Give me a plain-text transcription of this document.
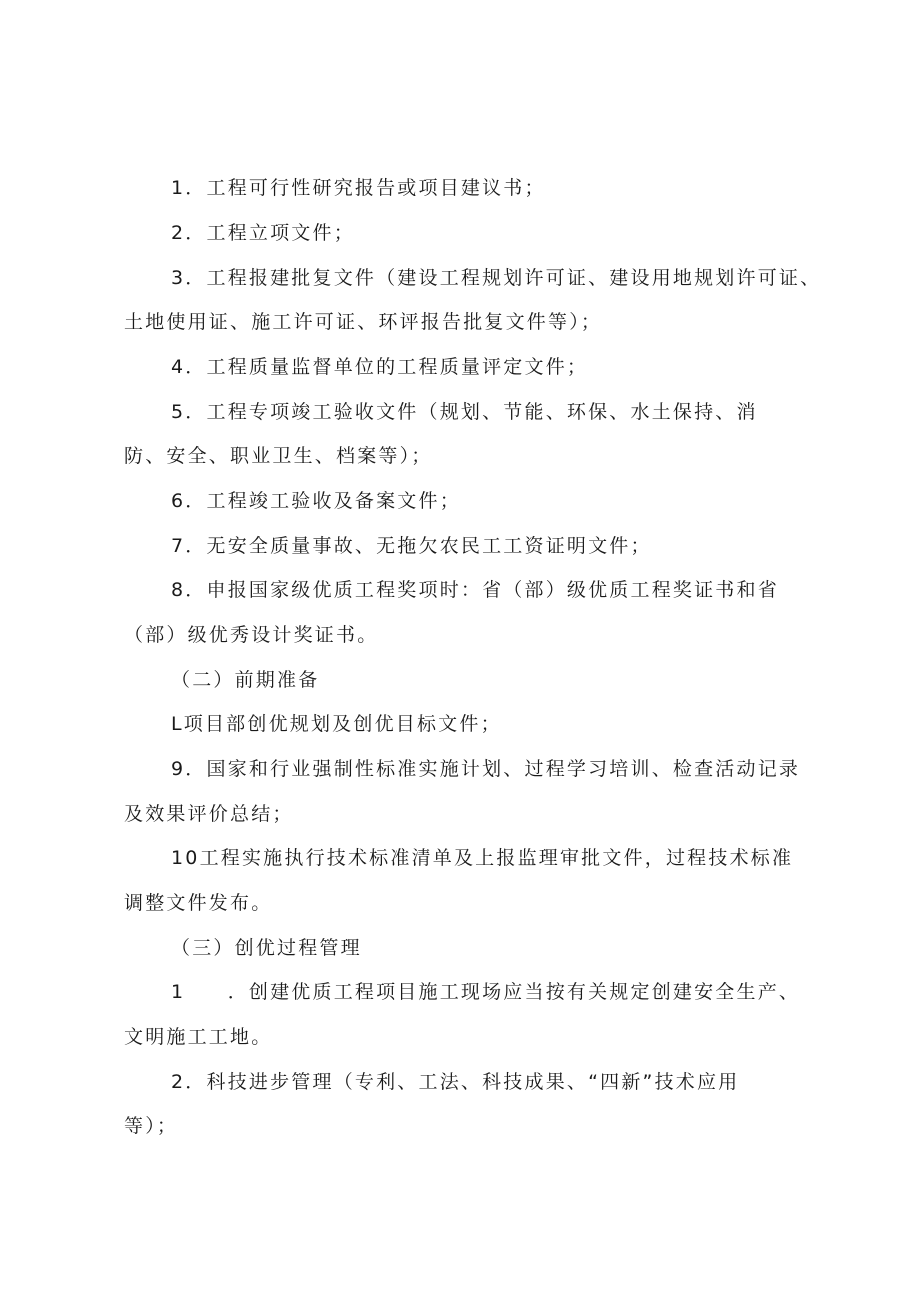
1．工程可行性研究报告或项目建议书；
2．工程立项文件；
3．工程报建批复文件（建设工程规划许可证、建设用地规划许可证、
土地使用证、施工许可证、环评报告批复文件等）；
4．工程质量监督单位的工程质量评定文件；
5．工程专项竣工验收文件（规划、节能、环保、水土保持、消
防、安全、职业卫生、档案等）；
6．工程竣工验收及备案文件；
7．无安全质量事故、无拖欠农民工工资证明文件；
8．申报国家级优质工程奖项时：省（部）级优质工程奖证书和省
（部）级优秀设计奖证书。
（二）前期准备
L项目部创优规划及创优目标文件；
9．国家和行业强制性标准实施计划、过程学习培训、检查活动记录
及效果评价总结；
10工程实施执行技术标准清单及上报监理审批文件，过程技术标准
调整文件发布。
（三）创优过程管理
1　　．创建优质工程项目施工现场应当按有关规定创建安全生产、
文明施工工地。
2．科技进步管理（专利、工法、科技成果、“四新”技术应用
等）；
